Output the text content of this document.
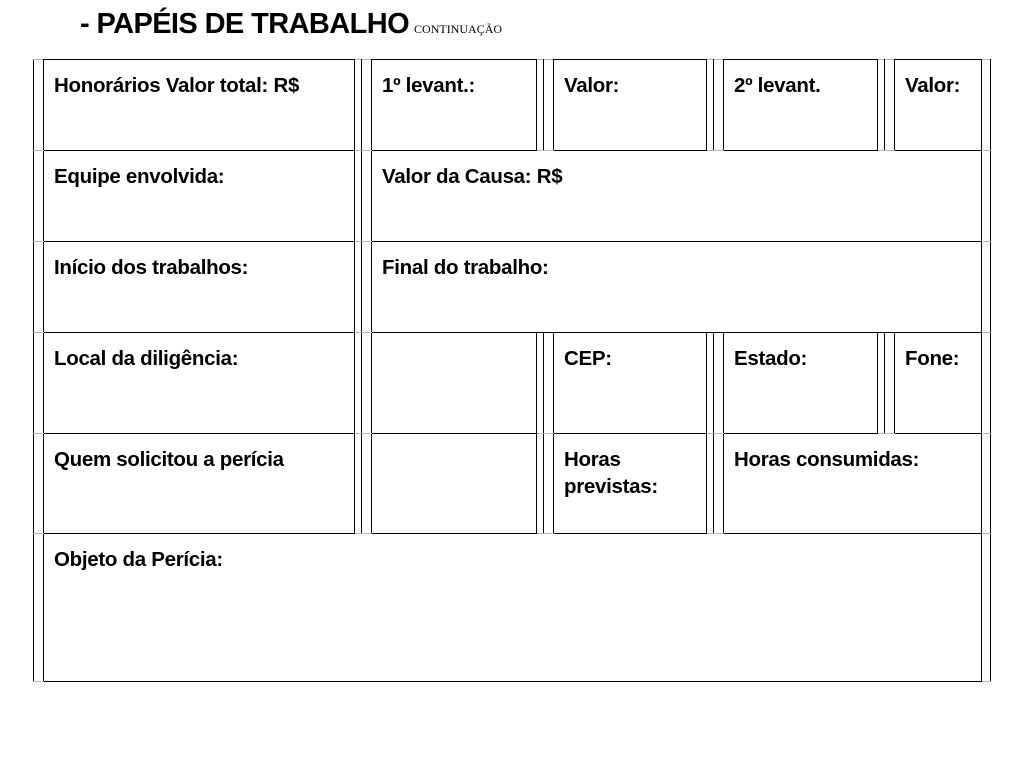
- PAPÉIS DE TRABALHO CONTINUAÇÃO
	Honorários Valor total: R$			1º levant.:			Valor:			2º levant.			Valor:	
	Equipe envolvida:			Valor da Causa: R$										
	Início dos trabalhos:			Final do trabalho:										
	Local da diligência:						CEP:			Estado:			Fone:	
	Quem solicitou a perícia						Horas previstas:			Horas consumidas:				
	Objeto da Perícia:													
